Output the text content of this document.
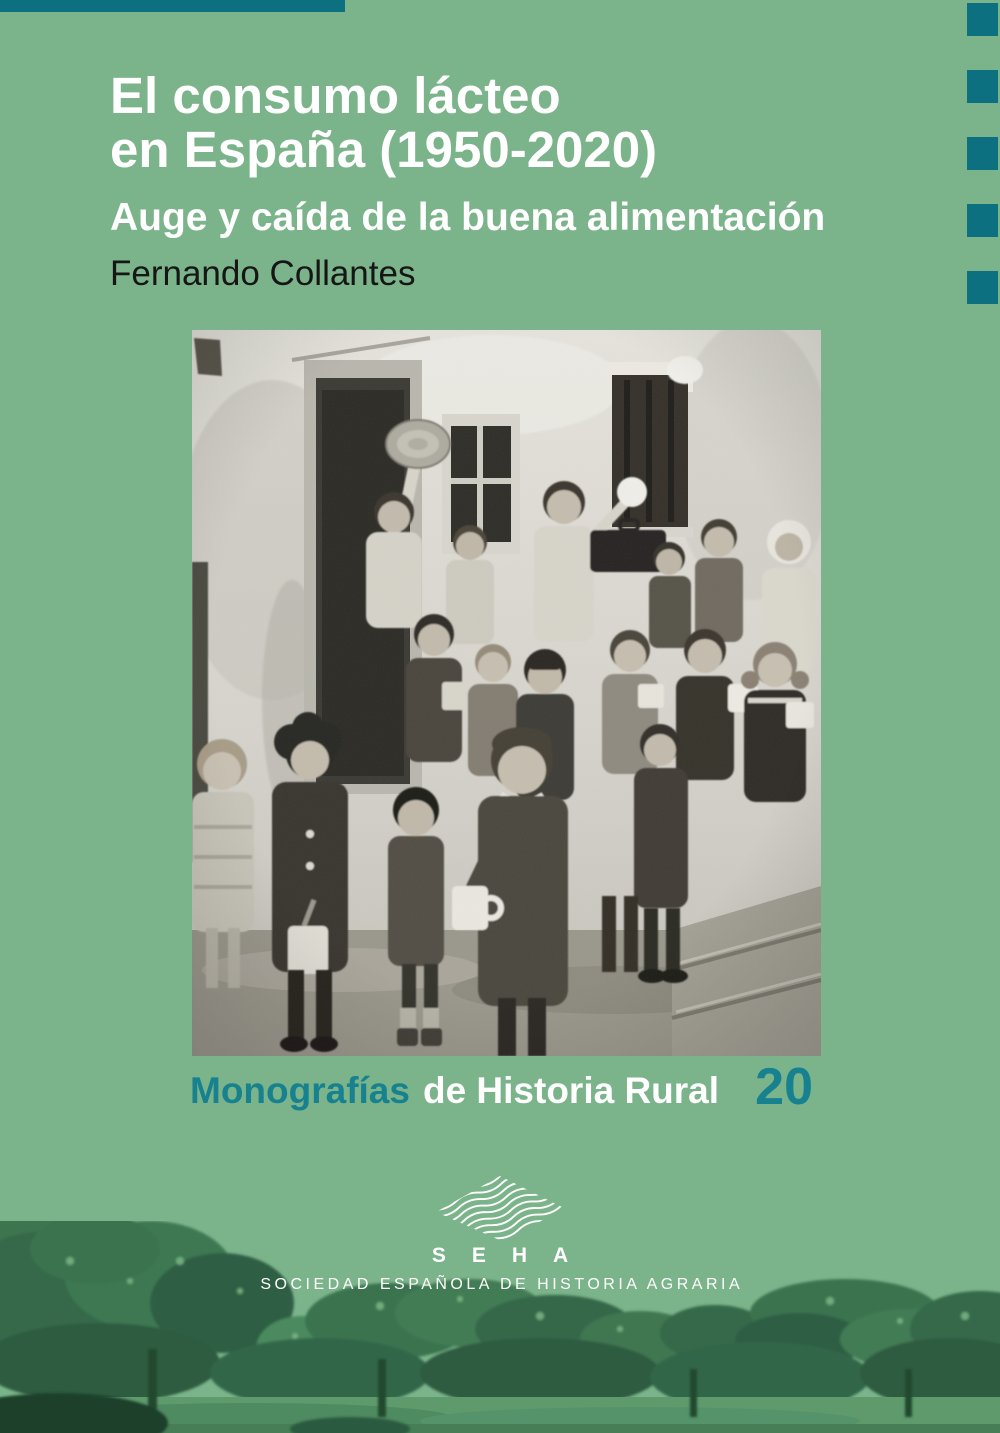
El consumo lácteo
en España (1950-2020)
Auge y caída de la buena alimentación
Fernando Collantes
Monografías de Historia Rural 20
SEHA
SOCIEDAD ESPAÑOLA DE HISTORIA AGRARIA
